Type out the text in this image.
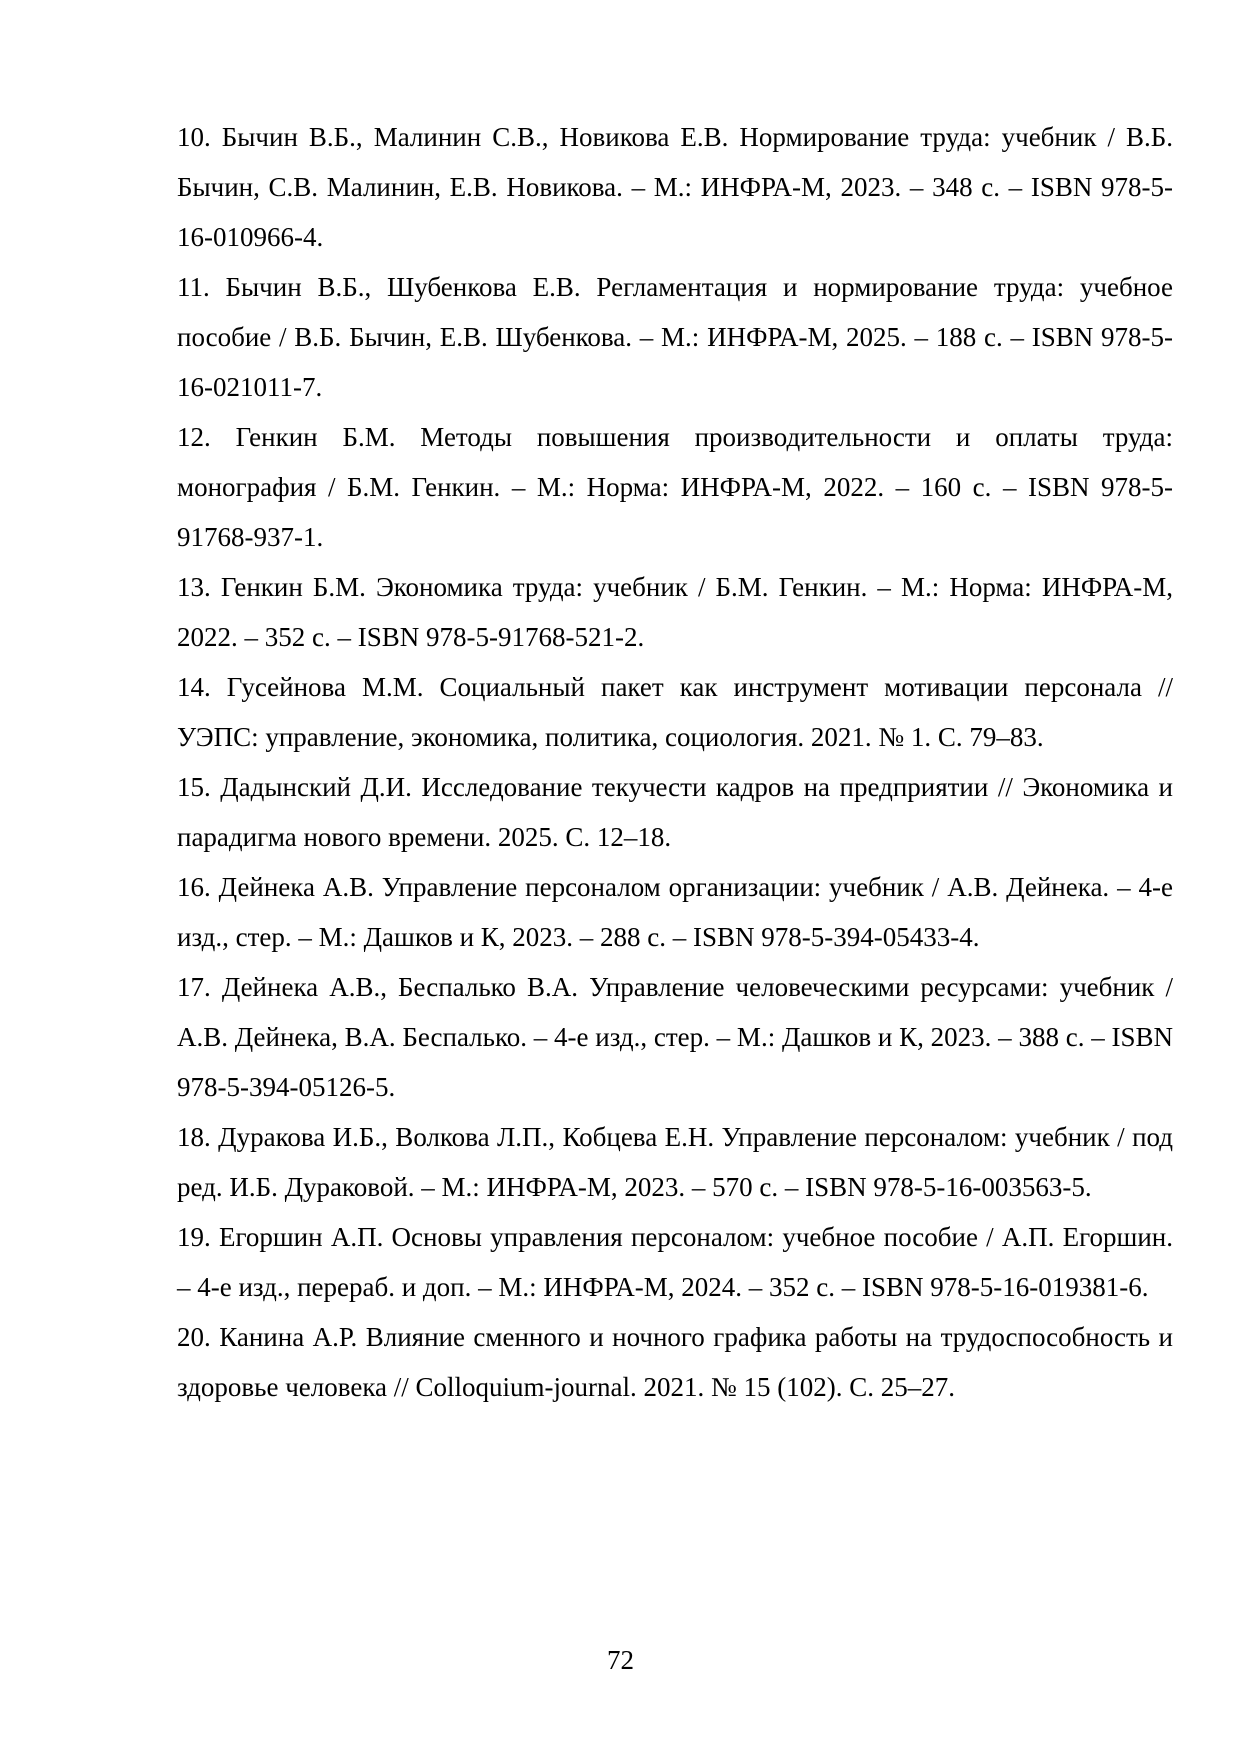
10. Бычин В.Б., Малинин С.В., Новикова Е.В. Нормирование труда: учебник / В.Б. Бычин, С.В. Малинин, Е.В. Новикова. – М.: ИНФРА-М, 2023. – 348 с. – ISBN 978-5-16-010966-4.
11. Бычин В.Б., Шубенкова Е.В. Регламентация и нормирование труда: учебное пособие / В.Б. Бычин, Е.В. Шубенкова. – М.: ИНФРА-М, 2025. – 188 с. – ISBN 978-5-16-021011-7.
12. Генкин Б.М. Методы повышения производительности и оплаты труда: монография / Б.М. Генкин. – М.: Норма: ИНФРА-М, 2022. – 160 с. – ISBN 978-5-91768-937-1.
13. Генкин Б.М. Экономика труда: учебник / Б.М. Генкин. – М.: Норма: ИНФРА-М, 2022. – 352 с. – ISBN 978-5-91768-521-2.
14. Гусейнова М.М. Социальный пакет как инструмент мотивации персонала // УЭПС: управление, экономика, политика, социология. 2021. № 1. С. 79–83.
15. Дадынский Д.И. Исследование текучести кадров на предприятии // Экономика и парадигма нового времени. 2025. С. 12–18.
16. Дейнека А.В. Управление персоналом организации: учебник / А.В. Дейнека. – 4-е изд., стер. – М.: Дашков и К, 2023. – 288 с. – ISBN 978-5-394-05433-4.
17. Дейнека А.В., Беспалько В.А. Управление человеческими ресурсами: учебник / А.В. Дейнека, В.А. Беспалько. – 4-е изд., стер. – М.: Дашков и К, 2023. – 388 с. – ISBN 978-5-394-05126-5.
18. Дуракова И.Б., Волкова Л.П., Кобцева Е.Н. Управление персоналом: учебник / под ред. И.Б. Дураковой. – М.: ИНФРА-М, 2023. – 570 с. – ISBN 978-5-16-003563-5.
19. Егоршин А.П. Основы управления персоналом: учебное пособие / А.П. Егоршин. – 4-е изд., перераб. и доп. – М.: ИНФРА-М, 2024. – 352 с. – ISBN 978-5-16-019381-6.
20. Канина А.Р. Влияние сменного и ночного графика работы на трудоспособность и здоровье человека // Colloquium-journal. 2021. № 15 (102). С. 25–27.
72
